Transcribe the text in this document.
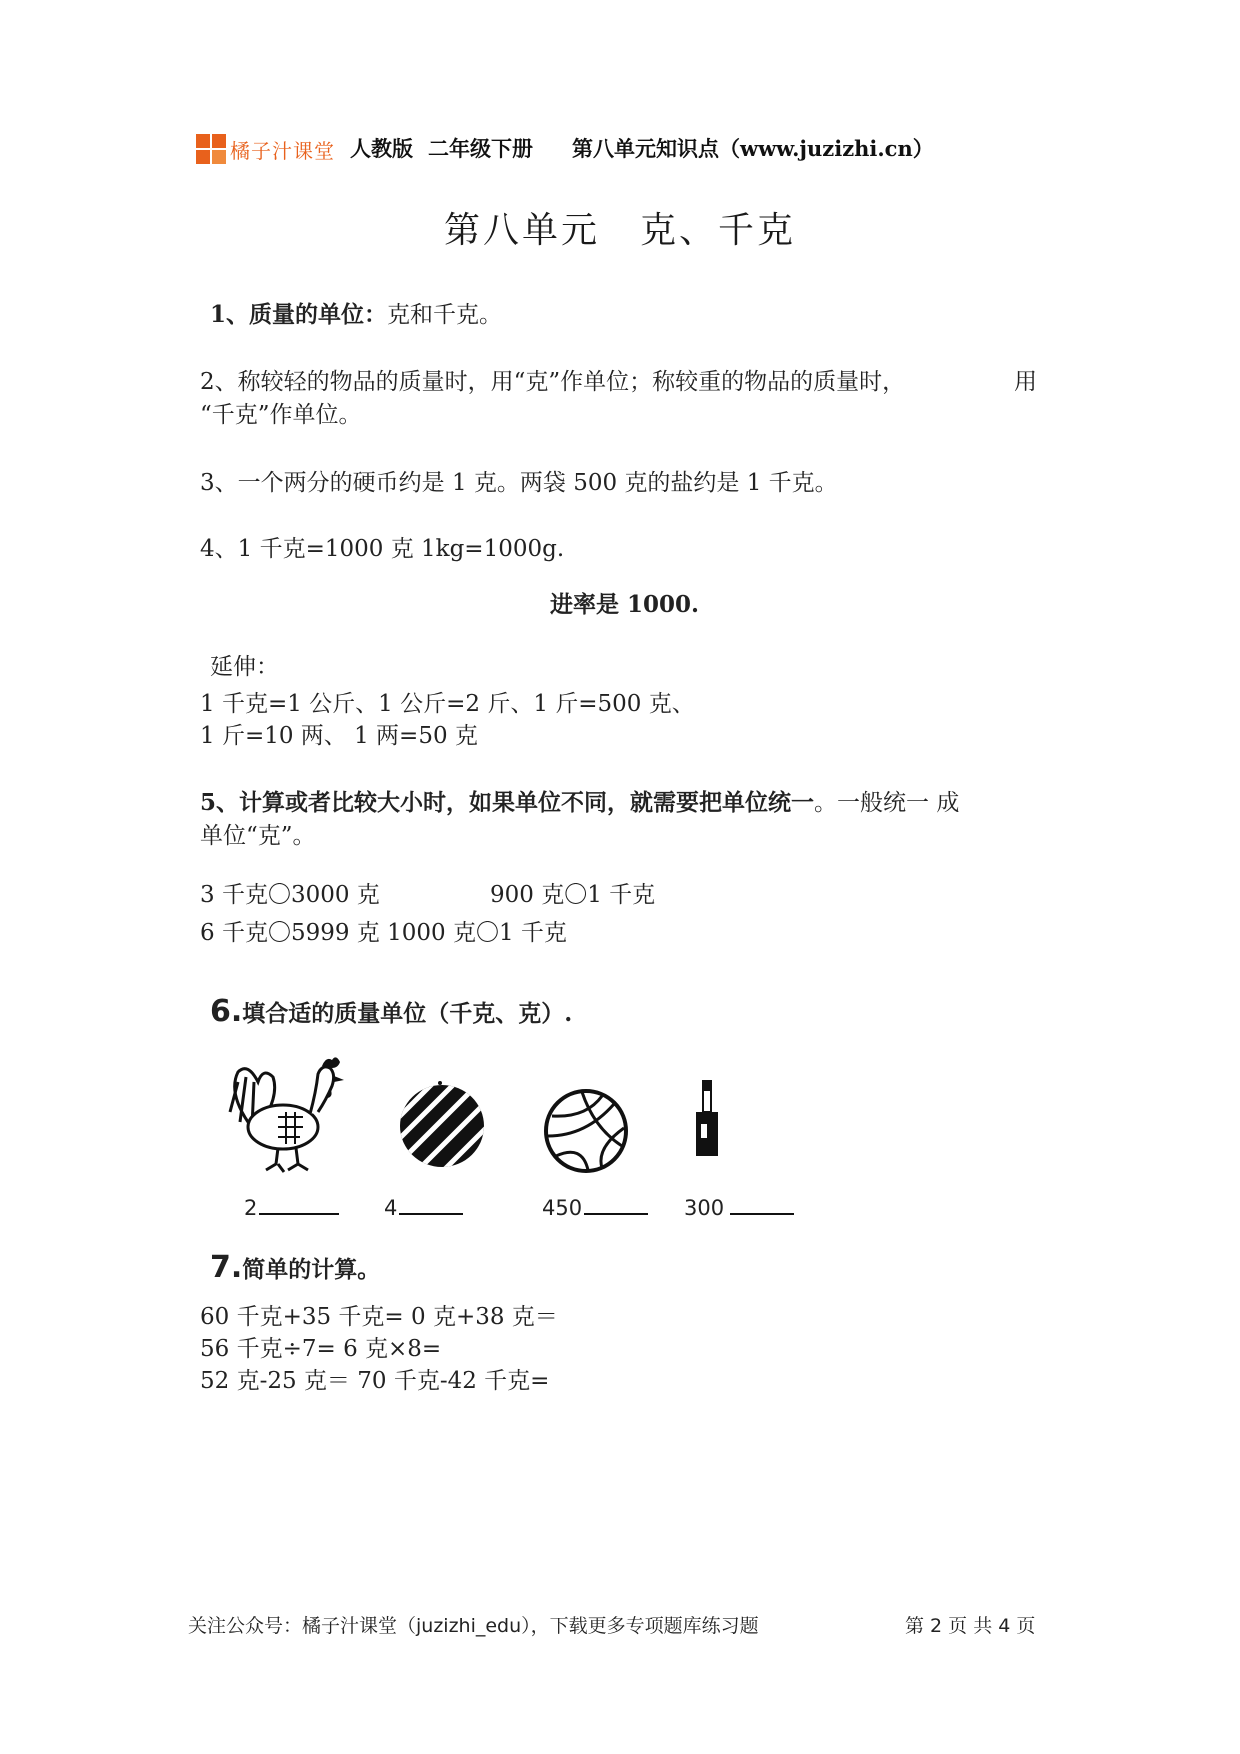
橘子汁课堂 人教版 二年级下册 第八单元知识点（www.juzizhi.cn）
第八单元 克、千克
1、质量的单位：克和千克。
2、称较轻的物品的质量时，用“克”作单位；称较重的物品的质量时，	用
“千克”作单位。
3、一个两分的硬币约是 1 克。两袋 500 克的盐约是 1 千克。
4、1 千克=1000 克 1kg=1000g.
进率是 1000.
延伸：
1 千克=1 公斤、1 公斤=2 斤、1 斤=500 克、
1 斤=10 两、 1 两=50 克
5、计算或者比较大小时，如果单位不同，就需要把单位统一。一般统一 成
单位“克”。
3 千克〇3000 克	900 克〇1 千克
6 千克〇5999 克 1000 克〇1 千克
6.填合适的质量单位（千克、克）.
2	4	450	300
7.简单的计算。
60 千克+35 千克= 0 克+38 克＝
56 千克÷7= 6 克×8=
52 克-25 克＝ 70 千克-42 千克=
关注公众号：橘子汁课堂（juzizhi_edu），下载更多专项题库练习题	第 2 页 共 4 页
